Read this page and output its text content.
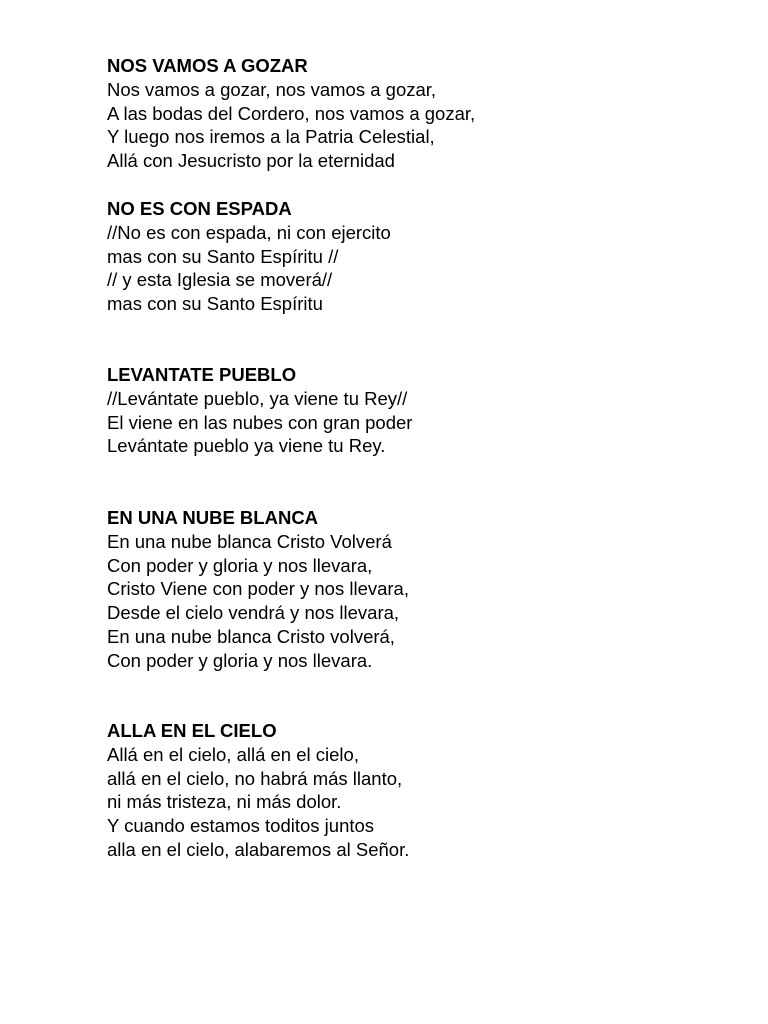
NOS VAMOS A GOZAR
Nos vamos a gozar, nos vamos a gozar,
A las bodas del Cordero, nos vamos a gozar,
Y luego nos iremos a la Patria Celestial,
Allá con Jesucristo por la eternidad
NO ES CON ESPADA
//No es con espada, ni con ejercito
mas con su Santo Espíritu //
// y esta Iglesia se moverá//
mas con su Santo Espíritu
LEVANTATE PUEBLO
//Levántate pueblo, ya viene tu Rey//
El viene en las nubes con gran poder
Levántate pueblo ya viene tu Rey.
EN UNA NUBE BLANCA
En una nube blanca Cristo Volverá
Con poder y gloria y nos llevara,
Cristo Viene con poder y nos llevara,
Desde el cielo vendrá y nos llevara,
En una nube blanca Cristo volverá,
Con poder y gloria y nos llevara.
ALLA EN EL CIELO
Allá en el cielo, allá en el cielo,
allá en el cielo, no habrá más llanto,
ni más tristeza, ni más dolor.
Y cuando estamos toditos juntos
alla en el cielo, alabaremos al Señor.
